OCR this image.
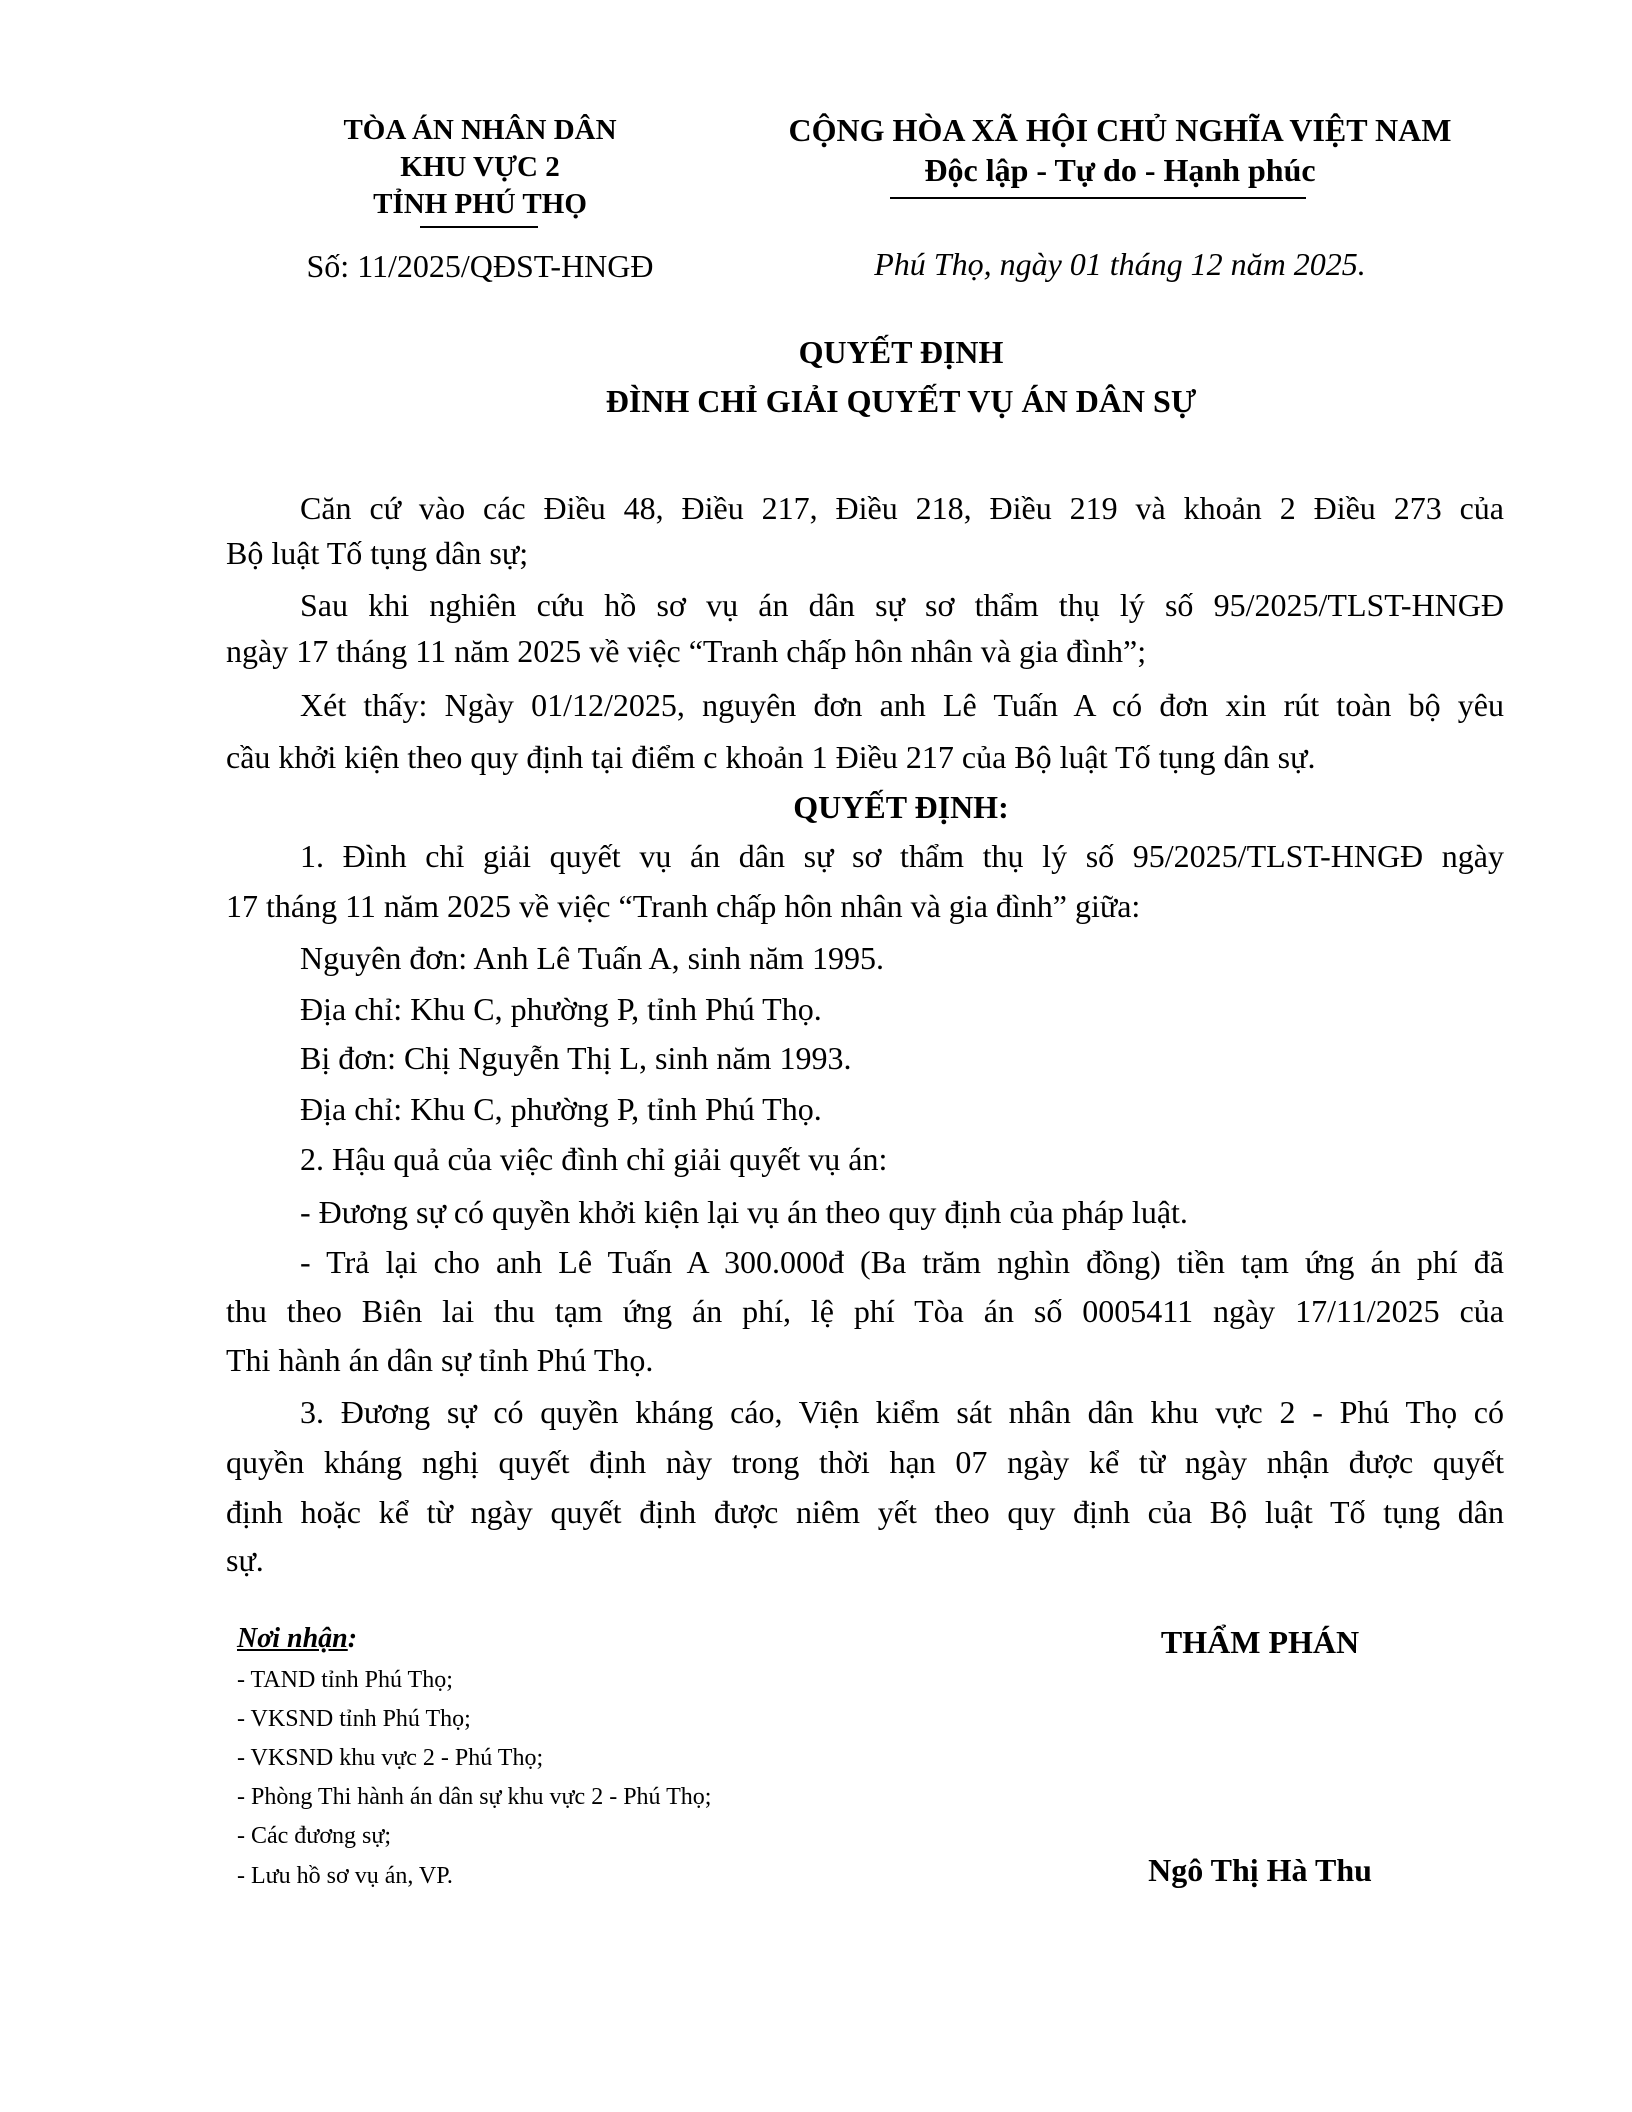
TÒA ÁN NHÂN DÂN
KHU VỰC 2
TỈNH PHÚ THỌ
Số: 11/2025/QĐST-HNGĐ
CỘNG HÒA XÃ HỘI CHỦ NGHĨA VIỆT NAM
Độc lập - Tự do - Hạnh phúc
Phú Thọ, ngày 01 tháng 12 năm 2025.
QUYẾT ĐỊNH
ĐÌNH CHỈ GIẢI QUYẾT VỤ ÁN DÂN SỰ
Căn cứ vào các Điều 48, Điều 217, Điều 218, Điều 219 và khoản 2 Điều 273 của
Bộ luật Tố tụng dân sự;
Sau khi nghiên cứu hồ sơ vụ án dân sự sơ thẩm thụ lý số 95/2025/TLST-HNGĐ
ngày 17 tháng 11 năm 2025 về việc “Tranh chấp hôn nhân và gia đình”;
Xét thấy: Ngày 01/12/2025, nguyên đơn anh Lê Tuấn A có đơn xin rút toàn bộ yêu
cầu khởi kiện theo quy định tại điểm c khoản 1 Điều 217 của Bộ luật Tố tụng dân sự.
QUYẾT ĐỊNH:
1. Đình chỉ giải quyết vụ án dân sự sơ thẩm thụ lý số 95/2025/TLST-HNGĐ ngày
17 tháng 11 năm 2025 về việc “Tranh chấp hôn nhân và gia đình” giữa:
Nguyên đơn: Anh Lê Tuấn A, sinh năm 1995.
Địa chỉ: Khu C, phường P, tỉnh Phú Thọ.
Bị đơn: Chị Nguyễn Thị L, sinh năm 1993.
Địa chỉ: Khu C, phường P, tỉnh Phú Thọ.
2. Hậu quả của việc đình chỉ giải quyết vụ án:
- Đương sự có quyền khởi kiện lại vụ án theo quy định của pháp luật.
- Trả lại cho anh Lê Tuấn A 300.000đ (Ba trăm nghìn đồng) tiền tạm ứng án phí đã
thu theo Biên lai thu tạm ứng án phí, lệ phí Tòa án số 0005411 ngày 17/11/2025 của
Thi hành án dân sự tỉnh Phú Thọ.
3. Đương sự có quyền kháng cáo, Viện kiểm sát nhân dân khu vực 2 - Phú Thọ có
quyền kháng nghị quyết định này trong thời hạn 07 ngày kể từ ngày nhận được quyết
định hoặc kể từ ngày quyết định được niêm yết theo quy định của Bộ luật Tố tụng dân
sự.
Nơi nhận:
- TAND tỉnh Phú Thọ;
- VKSND tỉnh Phú Thọ;
- VKSND khu vực 2 - Phú Thọ;
- Phòng Thi hành án dân sự khu vực 2 - Phú Thọ;
- Các đương sự;
- Lưu hồ sơ vụ án, VP.
THẨM PHÁN
Ngô Thị Hà Thu
